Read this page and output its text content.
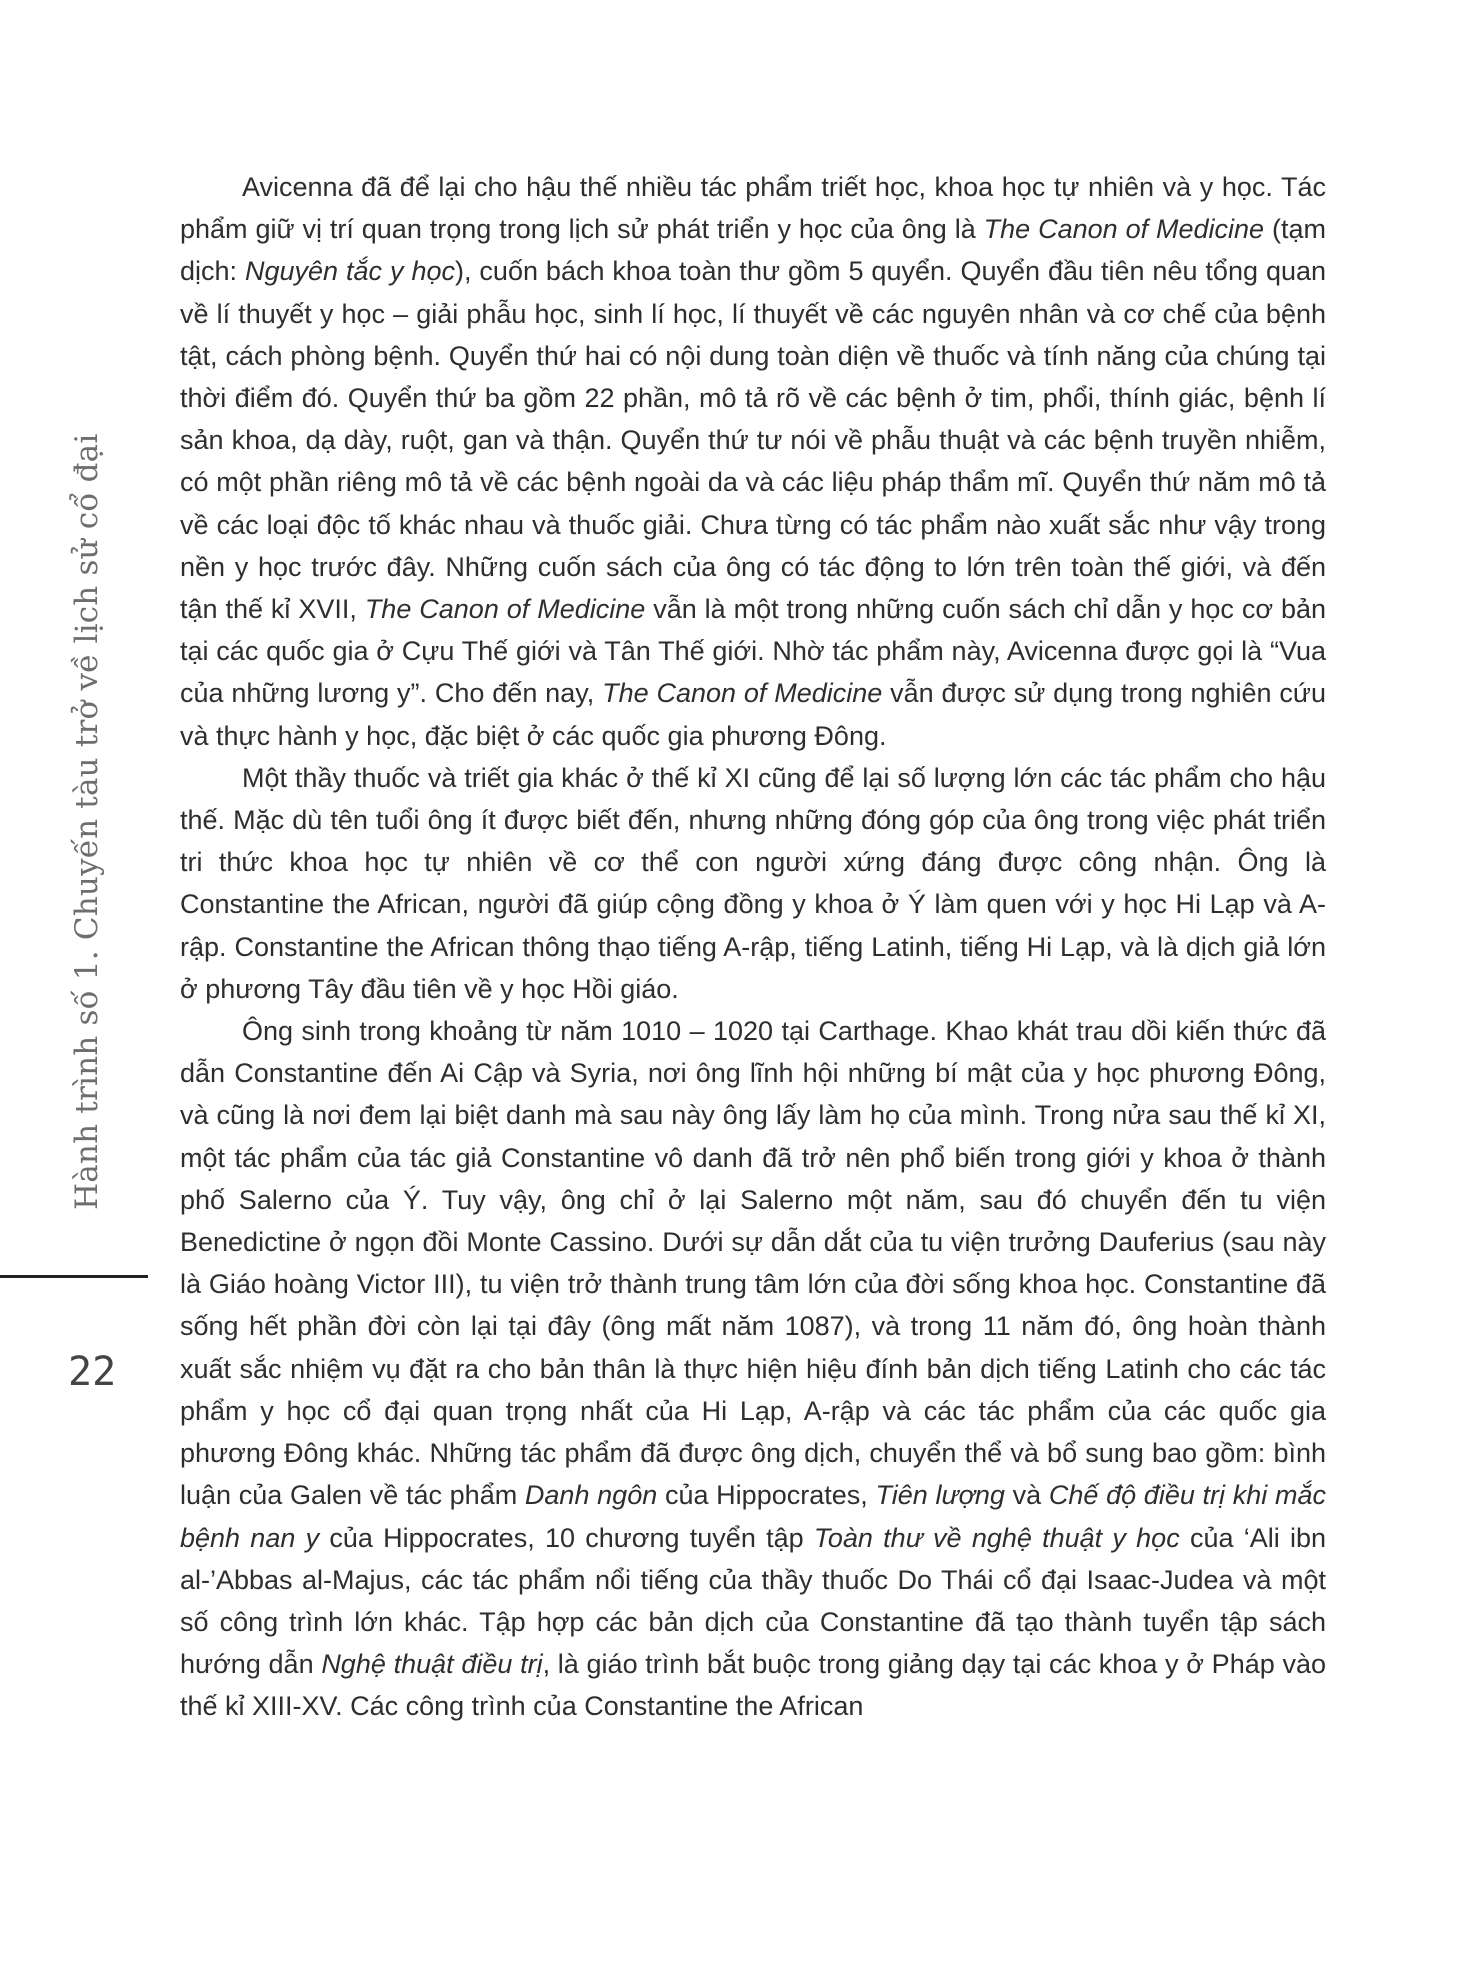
Hành trình số 1. Chuyến tàu trở về lịch sử cổ đại
22

Avicenna đã để lại cho hậu thế nhiều tác phẩm triết học, khoa học tự nhiên và y học. Tác phẩm giữ vị trí quan trọng trong lịch sử phát triển y học của ông là The Canon of Medicine (tạm dịch: Nguyên tắc y học), cuốn bách khoa toàn thư gồm 5 quyển. Quyển đầu tiên nêu tổng quan về lí thuyết y học – giải phẫu học, sinh lí học, lí thuyết về các nguyên nhân và cơ chế của bệnh tật, cách phòng bệnh. Quyển thứ hai có nội dung toàn diện về thuốc và tính năng của chúng tại thời điểm đó. Quyển thứ ba gồm 22 phần, mô tả rõ về các bệnh ở tim, phổi, thính giác, bệnh lí sản khoa, dạ dày, ruột, gan và thận. Quyển thứ tư nói về phẫu thuật và các bệnh truyền nhiễm, có một phần riêng mô tả về các bệnh ngoài da và các liệu pháp thẩm mĩ. Quyển thứ năm mô tả về các loại độc tố khác nhau và thuốc giải. Chưa từng có tác phẩm nào xuất sắc như vậy trong nền y học trước đây. Những cuốn sách của ông có tác động to lớn trên toàn thế giới, và đến tận thế kỉ XVII, The Canon of Medicine vẫn là một trong những cuốn sách chỉ dẫn y học cơ bản tại các quốc gia ở Cựu Thế giới và Tân Thế giới. Nhờ tác phẩm này, Avicenna được gọi là “Vua của những lương y”. Cho đến nay, The Canon of Medicine vẫn được sử dụng trong nghiên cứu và thực hành y học, đặc biệt ở các quốc gia phương Đông.

Một thầy thuốc và triết gia khác ở thế kỉ XI cũng để lại số lượng lớn các tác phẩm cho hậu thế. Mặc dù tên tuổi ông ít được biết đến, nhưng những đóng góp của ông trong việc phát triển tri thức khoa học tự nhiên về cơ thể con người xứng đáng được công nhận. Ông là Constantine the African, người đã giúp cộng đồng y khoa ở Ý làm quen với y học Hi Lạp và A-rập. Constantine the African thông thạo tiếng A-rập, tiếng Latinh, tiếng Hi Lạp, và là dịch giả lớn ở phương Tây đầu tiên về y học Hồi giáo.

Ông sinh trong khoảng từ năm 1010 – 1020 tại Carthage. Khao khát trau dồi kiến thức đã dẫn Constantine đến Ai Cập và Syria, nơi ông lĩnh hội những bí mật của y học phương Đông, và cũng là nơi đem lại biệt danh mà sau này ông lấy làm họ của mình. Trong nửa sau thế kỉ XI, một tác phẩm của tác giả Constantine vô danh đã trở nên phổ biến trong giới y khoa ở thành phố Salerno của Ý. Tuy vậy, ông chỉ ở lại Salerno một năm, sau đó chuyển đến tu viện Benedictine ở ngọn đồi Monte Cassino. Dưới sự dẫn dắt của tu viện trưởng Dauferius (sau này là Giáo hoàng Victor III), tu viện trở thành trung tâm lớn của đời sống khoa học. Constantine đã sống hết phần đời còn lại tại đây (ông mất năm 1087), và trong 11 năm đó, ông hoàn thành xuất sắc nhiệm vụ đặt ra cho bản thân là thực hiện hiệu đính bản dịch tiếng Latinh cho các tác phẩm y học cổ đại quan trọng nhất của Hi Lạp, A-rập và các tác phẩm của các quốc gia phương Đông khác. Những tác phẩm đã được ông dịch, chuyển thể và bổ sung bao gồm: bình luận của Galen về tác phẩm Danh ngôn của Hippocrates, Tiên lượng và Chế độ điều trị khi mắc bệnh nan y của Hippocrates, 10 chương tuyển tập Toàn thư về nghệ thuật y học của ‘Ali ibn al-’Abbas al-Majus, các tác phẩm nổi tiếng của thầy thuốc Do Thái cổ đại Isaac-Judea và một số công trình lớn khác. Tập hợp các bản dịch của Constantine đã tạo thành tuyển tập sách hướng dẫn Nghệ thuật điều trị, là giáo trình bắt buộc trong giảng dạy tại các khoa y ở Pháp vào thế kỉ XIII-XV. Các công trình của Constantine the African
